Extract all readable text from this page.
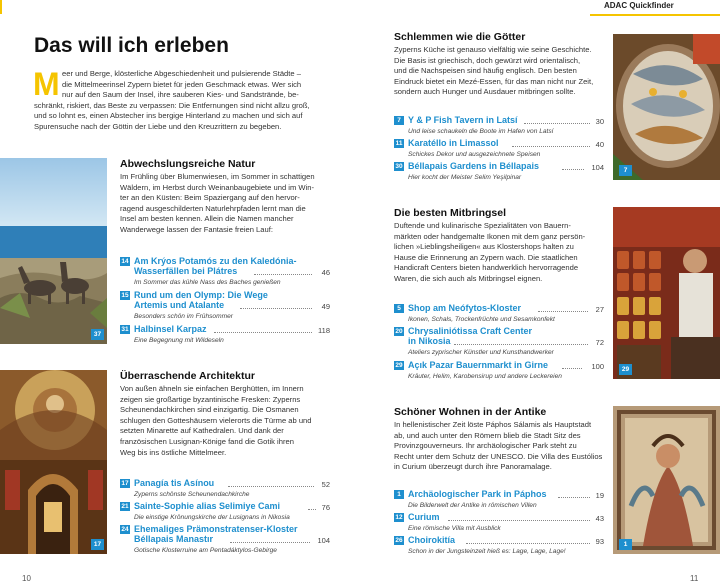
ADAC Quickfinder
Das will ich erleben
M eer und Berge, klösterliche Abgeschiedenheit und pulsierende Städte –
die Mittelmeerinsel Zypern bietet für jeden Geschmack etwas. Wer sich
nur auf den Saum der Insel, ihre sauberen Kies- und Sandstrände, be-
schränkt, riskiert, das Beste zu verpassen: Die Entfernungen sind nicht allzu groß,
und so lohnt es, einen Abstecher ins bergige Hinterland zu machen und sich auf
Spurensuche nach der Göttin der Liebe und den Kreuzrittern zu begeben.
37
17
Abwechslungsreiche Natur
Im Frühling über Blumenwiesen, im Sommer in schattigen
Wäldern, im Herbst durch Weinanbaugebiete und im Win-
ter an den Küsten: Beim Spaziergang auf den hervor-
ragend ausgeschilderten Naturlehrpfaden lernt man die
Insel am besten kennen. Allein die Namen mancher
Wanderwege lassen der Fantasie freien Lauf:
14 Am Krýos Potamós zu den Kaledónia-
Wasserfällen bei Plátres	46
Im Sommer das kühle Nass des Baches genießen
15 Rund um den Olymp: Die Wege
Artemis und Atalante	49
Besonders schön im Frühsommer
31 Halbinsel Karpaz	118
Eine Begegnung mit Wildeseln
Überraschende Architektur
Von außen ähneln sie einfachen Berghütten, im Innern
zeigen sie großartige byzantinische Fresken: Zyperns
Scheunendachkirchen sind einzigartig. Die Osmanen
schlugen den Gotteshäusern vielerorts die Türme ab und
setzten Minarette auf Kathedralen. Und dank der
französischen Lusignan-Könige fand die Gotik ihren
Weg bis ins östliche Mittelmeer.
17 Panagía tis Asínou	52
Zyperns schönste Scheunendachkirche
21 Sainte-Sophie alias Selimiye Cami	76
Die einstige Krönungskirche der Lusignans in Nikosia
24 Ehemaliges Prämonstratenser-Kloster
Béllapais Manastır	104
Gotische Klosterruine am Pentadáktylos-Gebirge
10
Schlemmen wie die Götter
Zyperns Küche ist genauso vielfältig wie seine Geschichte.
Die Basis ist griechisch, doch gewürzt wird orientalisch,
und die Nachspeisen sind häufig englisch. Den besten
Eindruck bietet ein Mezé-Essen, für das man nicht nur Zeit,
sondern auch Hunger und Ausdauer mitbringen sollte.
7 Y & P Fish Tavern in Latsí	30
Und leise schaukeln die Boote im Hafen von Latsí
11 Karatéllo in Limassol	40
Schickes Dekor und ausgezeichnete Speisen
30 Béllapais Gardens in Béllapais	104
Hier kocht der Meister Selim Yeşilpinar
Die besten Mitbringsel
Duftende und kulinarische Spezialitäten von Bauern-
märkten oder handgemalte Ikonen mit dem ganz persön-
lichen »Lieblingsheiligen« aus Klostershops halten zu
Hause die Erinnerung an Zypern wach. Die staatlichen
Handicraft Centers bieten handwerklich hervorragende
Waren, die sich auch als Mitbringsel eignen.
5 Shop am Neófytos-Kloster	27
Ikonen, Schals, Trockenfrüchte und Sesamkonfekt
20 Chrysaliniótissa Craft Center
in Nikosia	72
Ateliers zyprischer Künstler und Kunsthandwerker
29 Açık Pazar Bauernmarkt in Girne	100
Kräuter, Helim, Karobensirup und andere Leckereien
Schöner Wohnen in der Antike
In hellenistischer Zeit löste Páphos Sálamis als Hauptstadt
ab, und auch unter den Römern blieb die Stadt Sitz des
Provinzgouverneurs. Ihr archäologischer Park steht zu
Recht unter dem Schutz der UNESCO. Die Villa des Eustólios
in Curium überzeugt durch ihre Panoramalage.
1 Archäologischer Park in Páphos	19
Die Bilderwelt der Antike in römischen Villen
12 Curium	43
Eine römische Villa mit Ausblick
26 Choirokitía	93
Schon in der Jungsteinzeit hieß es: Lage, Lage, Lage!
7
29
1
11
